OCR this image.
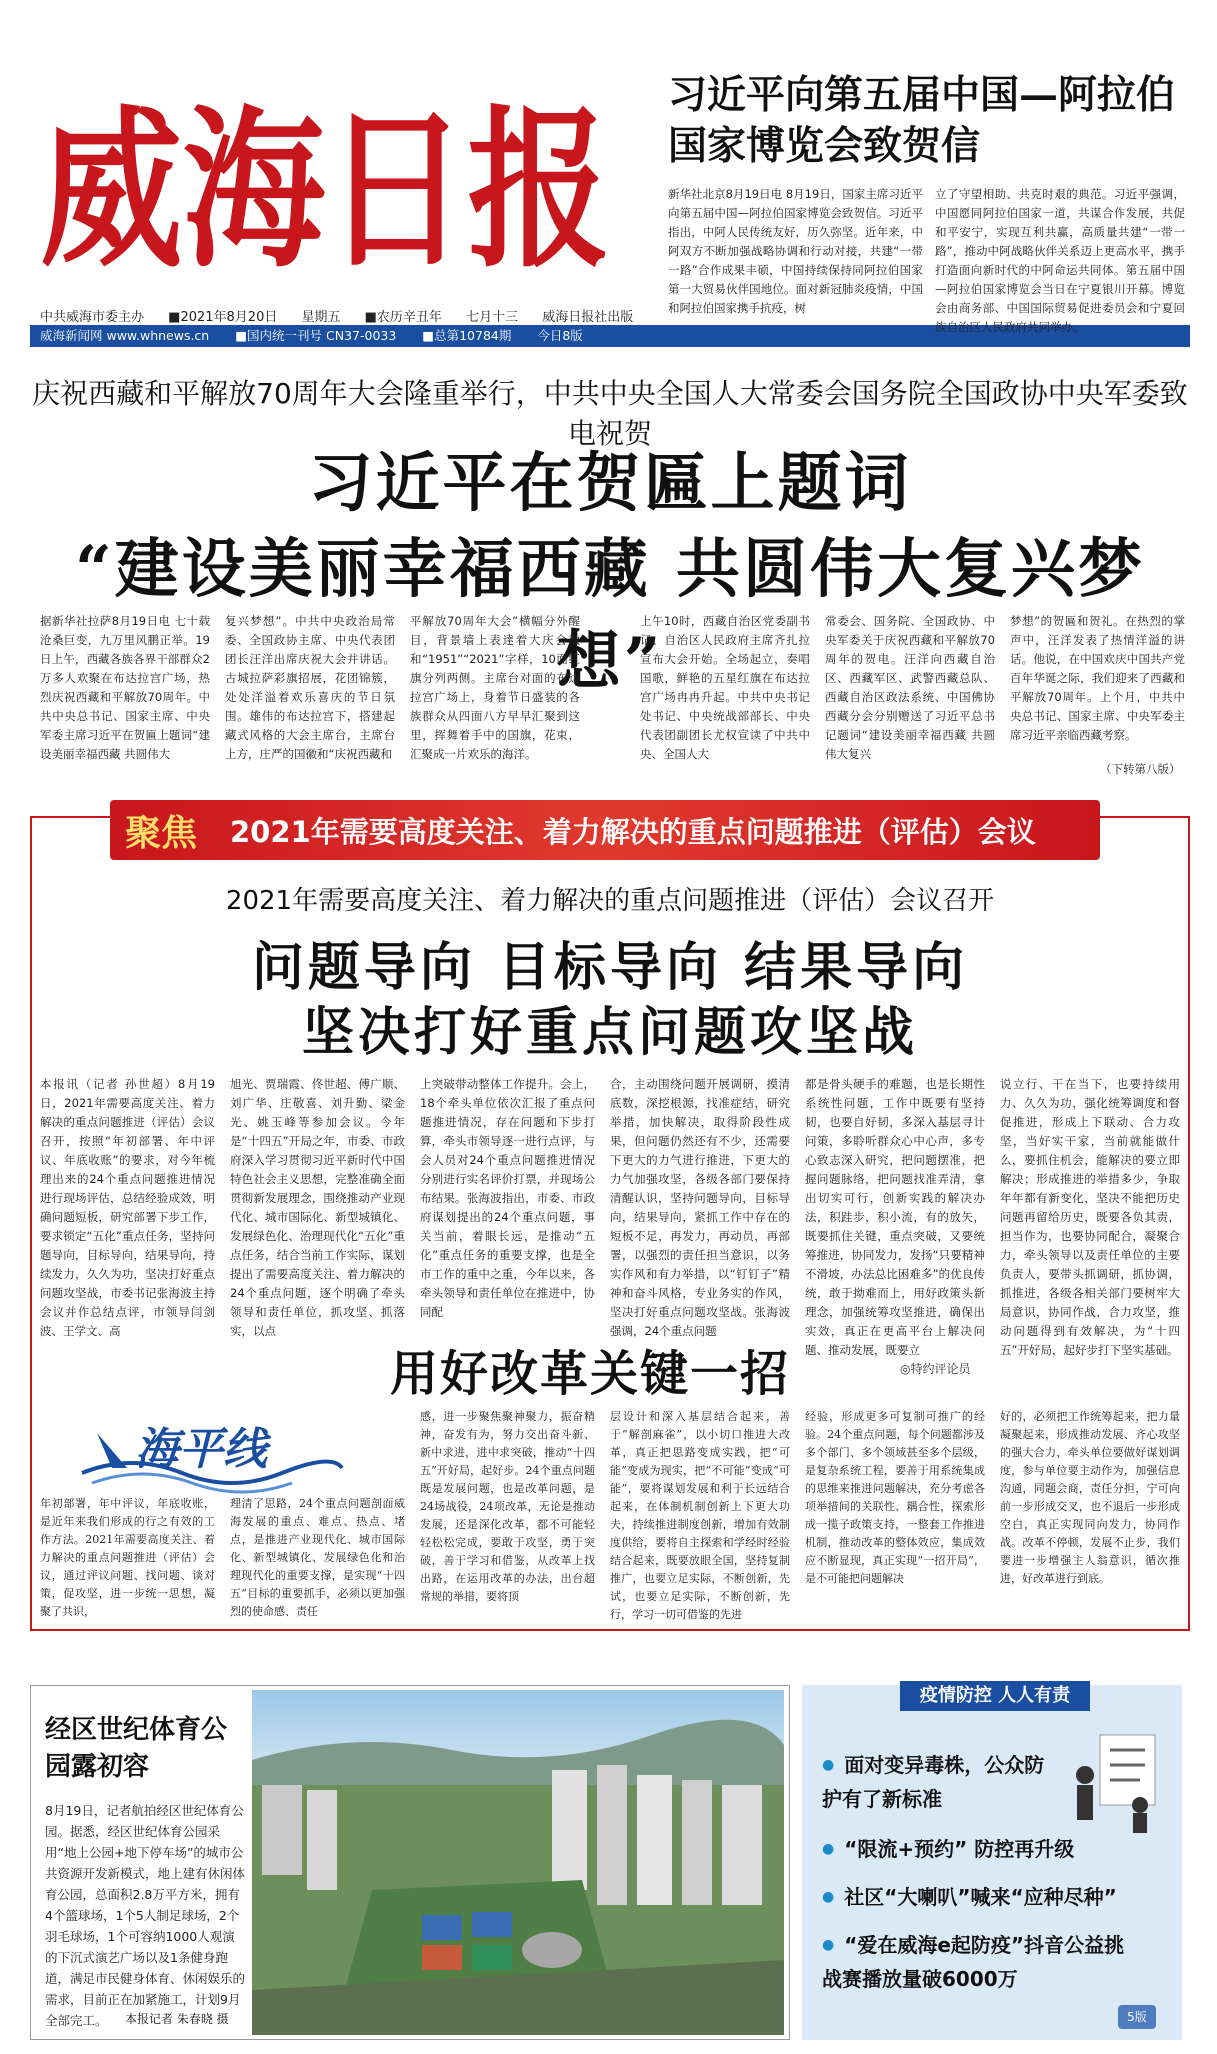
威海日报
中共威海市委主办 ■2021年8月20日 星期五 ■农历辛丑年 七月十三 威海日报社出版
威海新闻网 www.whnews.cn ■国内统一刊号 CN37-0033 ■总第10784期 今日8版
习近平向第五届中国—阿拉伯国家博览会致贺信
新华社北京8月19日电 8月19日，国家主席习近平向第五届中国—阿拉伯国家博览会致贺信。习近平指出，中阿人民传统友好，历久弥坚。近年来，中阿双方不断加强战略协调和行动对接，共建“一带一路”合作成果丰硕，中国持续保持同阿拉伯国家第一大贸易伙伴国地位。面对新冠肺炎疫情，中国和阿拉伯国家携手抗疫，树
立了守望相助、共克时艰的典范。习近平强调，中国愿同阿拉伯国家一道，共谋合作发展，共促和平安宁，实现互利共赢，高质量共建“一带一路”，推动中阿战略伙伴关系迈上更高水平，携手打造面向新时代的中阿命运共同体。第五届中国—阿拉伯国家博览会当日在宁夏银川开幕。博览会由商务部、中国国际贸易促进委员会和宁夏回族自治区人民政府共同举办。
庆祝西藏和平解放70周年大会隆重举行，中共中央全国人大常委会国务院全国政协中央军委致电祝贺
习近平在贺匾上题词
“建设美丽幸福西藏 共圆伟大复兴梦想”
据新华社拉萨8月19日电 七十载沧桑巨变，九万里风鹏正举。19日上午，西藏各族各界干部群众2万多人欢聚在布达拉宫广场，热烈庆祝西藏和平解放70周年。中共中央总书记、国家主席、中央军委主席习近平在贺匾上题词“建设美丽幸福西藏 共圆伟大
复兴梦想”。中共中央政治局常委、全国政协主席、中央代表团团长汪洋出席庆祝大会并讲话。古城拉萨彩旗招展，花团锦簇，处处洋溢着欢乐喜庆的节日氛围。雄伟的布达拉宫下，搭建起藏式风格的大会主席台，主席台上方，庄严的国徽和“庆祝西藏和
平解放70周年大会”横幅分外醒目，背景墙上表達着大庆会徽和“1951”“2021”字样，10面红旗分列两侧。主席台对面的布达拉宫广场上，身着节日盛装的各族群众从四面八方早早汇聚到这里，挥舞着手中的国旗，花束，汇聚成一片欢乐的海洋。
上午10时，西藏自治区党委副书记、自治区人民政府主席齐扎拉宣布大会开始。全场起立，奏唱国歌，鲜艳的五星红旗在布达拉宫广场冉冉升起。中共中央书记处书记、中央统战部部长、中央代表团副团长尤权宣读了中共中央、全国人大
常委会、国务院、全国政协、中央军委关于庆祝西藏和平解放70周年的贺电。汪洋向西藏自治区、西藏军区、武警西藏总队、西藏自治区政法系统、中国佛协西藏分会分别赠送了习近平总书记题词“建设美丽幸福西藏 共圆伟大复兴
梦想”的贺匾和贺礼。在热烈的掌声中，汪洋发表了热情洋溢的讲话。他说，在中国欢庆中国共产党百年华诞之际，我们迎来了西藏和平解放70周年。上个月，中共中央总书记、国家主席、中央军委主席习近平亲临西藏考察。
（下转第八版）
聚焦 2021年需要高度关注、着力解决的重点问题推进（评估）会议
2021年需要高度关注、着力解决的重点问题推进（评估）会议召开
问题导向 目标导向 结果导向
坚决打好重点问题攻坚战
本报讯（记者 孙世超）8月19日，2021年需要高度关注、着力解决的重点问题推进（评估）会议召开，按照“年初部署、年中评议、年底收账”的要求，对今年梳理出来的24个重点问题推进情况进行现场评估，总结经验成效，明确问题短板，研究部署下步工作，要求锁定“五化”重点任务，坚持问题导向，目标导向，结果导向，持续发力，久久为功，坚决打好重点问题攻坚战，市委书记张海波主持会议并作总结点评，市领导闫剑波、王学文、高
旭光、贾瑞霞、佟世超、傅广顺、刘广华、庄敬喜、刘升勤、梁金光、姚玉峰等参加会议。今年是“十四五”开局之年，市委、市政府深入学习贯彻习近平新时代中国特色社会主义思想，完整准确全面贯彻新发展理念，围绕推动产业现代化、城市国际化、新型城镇化、发展绿色化、治理现代化“五化”重点任务，结合当前工作实际，谋划提出了需要高度关注、着力解决的24个重点问题，逐个明确了牵头领导和责任单位，抓攻坚、抓落实，以点
上突破带动整体工作提升。会上，18个牵头单位依次汇报了重点问题推进情况，存在问题和下步打算，牵头市领导逐一进行点评，与会人员对24个重点问题推进情况分别进行实名评价打票，并现场公布结果。张海波指出，市委、市政府谋划提出的24个重点问题，事关当前，着眼长远，是推动“五化”重点任务的重要支撑，也是全市工作的重中之重，今年以来，各牵头领导和责任单位在推进中，协同配
合，主动围绕问题开展调研，摸清底数，深挖根源，找准症结，研究举措，加快解决，取得阶段性成果，但问题仍然还有不少，还需要下更大的力气进行推进，下更大的力气加强攻坚，各级各部门要保持清醒认识，坚持问题导向，目标导向，结果导向，紧抓工作中存在的短板不足，再发力，再动员，再部署，以强烈的责任担当意识，以务实作风和有力举措，以“钉钉子”精神和奋斗风格，专业务实的作风，坚决打好重点问题攻坚战。张海波强调，24个重点问题
都是骨头硬手的难题，也是长期性系统性问题，工作中既要有坚持韧，也要自好韧，多深入基层寻计问策，多聆听群众心中心声，多专心致志深入研究，把问题摆准，把握问题脉络，把问题找准弄清，拿出切实可行，创新实践的解决办法，积跬步，积小流，有的放矢，既要抓住关键，重点突破，又要统筹推进，协同发力，发扬“只要精神不滑坡，办法总比困难多”的优良传统，敢于拗难而上，用好政策头新理念，加强统筹攻坚推进，确保出实效，真正在更高平台上解决问题、推动发展，既要立
说立行、干在当下，也要持续用力、久久为功，强化统筹调度和督促推进，形成上下联动、合力攻坚，当好实干家，当前就能做什么，要抓住机会，能解决的要立即解决；形成推进的举措多少，争取年年都有新变化，坚决不能把历史问题再留给历史，既要各负其责，担当作为，也要协同配合，凝聚合力，牵头领导以及责任单位的主要负责人，要带头抓调研，抓协调，抓推进，各级各相关部门要树牢大局意识，协同作战，合力攻坚，推动问题得到有效解决，为“十四五”开好局，起好步打下坚实基础。
用好改革关键一招	◎特约评论员
海平线
年初部署，年中评议，年底收账，是近年来我们形成的行之有效的工作方法。2021年需要高度关注、着力解决的重点问题推进（评估）会议，通过评议问题、找问题、谈对策，促攻坚，进一步统一思想，凝聚了共识，
理清了思路，24个重点问题剖面威海发展的重点、难点、热点、堵点，是推进产业现代化、城市国际化、新型城镇化、发展绿色化和治理现代化的重要支撑，是实现“十四五”目标的重要抓手，必须以更加强烈的使命感、责任
感，进一步聚焦聚神聚力，振奋精神，奋发有为，努力交出奋斗新、新中求进，进中求突破，推动“十四五”开好局，起好步。24个重点问题既是发展问题，也是改革问题，是24场战役，24项改革，无论是推动发展，还是深化改革，都不可能轻轻松松完成，要敢于攻坚，勇于突破，善于学习和借鉴，从改革上找出路，在运用改革的办法，出台超常规的举措，要将顶
层设计和深入基层结合起来，善于“解剖麻雀”，以小切口推进大改革，真正把思路变成实践，把“可能”变成为现实，把“不可能”变成“可能”，要将谋划发展和利于长远结合起来，在体制机制创新上下更大功夫，持续推进制度创新，增加有效制度供给，要将自主探索和学经时经验结合起来，既要放眼全国，坚持复制推广，也要立足实际，不断创新，先试，也要立足实际，不断创新，先行，学习一切可借鉴的先进
经验，形成更多可复制可推广的经验。24个重点问题，每个问题都涉及多个部门、多个领域甚至多个层级，是复杂系统工程，要善于用系统集成的思维来推进问题解决，充分考虑各项举措间的关联性、耦合性，探索形成一揽子政策支持，一整套工作推进机制，推动改革的整体效应，集成效应不断显现，真正实现“一招开局”，是不可能把问题解决
好的，必须把工作统筹起来，把力量凝聚起来，形成推动发展、齐心攻坚的强大合力，牵头单位要做好谋划调度，参与单位要主动作为，加强信息沟通，同题会商，责任分担，宁可向前一步形成交叉，也不退后一步形成空白，真正实现同向发力，协同作战。改革不停顿，发展不止步，我们要进一步增强主人翁意识，循次推进，好改革进行到底。
经区世纪体育公园露初容
8月19日，记者航拍经区世纪体育公园。据悉，经区世纪体育公园采用“地上公园+地下停车场”的城市公共资源开发新模式，地上建有休闲体育公园，总面积2.8万平方米，拥有4个篮球场，1个5人制足球场，2个羽毛球场，1个可容纳1000人观演的下沉式演艺广场以及1条健身跑道，满足市民健身体育、休闲娱乐的需求，目前正在加紧施工，计划9月全部完工。	本报记者 朱春晓 摄
疫情防控 人人有责
● 面对变异毒株，公众防护有了新标准
● “限流+预约” 防控再升级
● 社区“大喇叭”喊来“应种尽种”
● “爱在威海e起防疫”抖音公益挑战赛播放量破6000万
5版
